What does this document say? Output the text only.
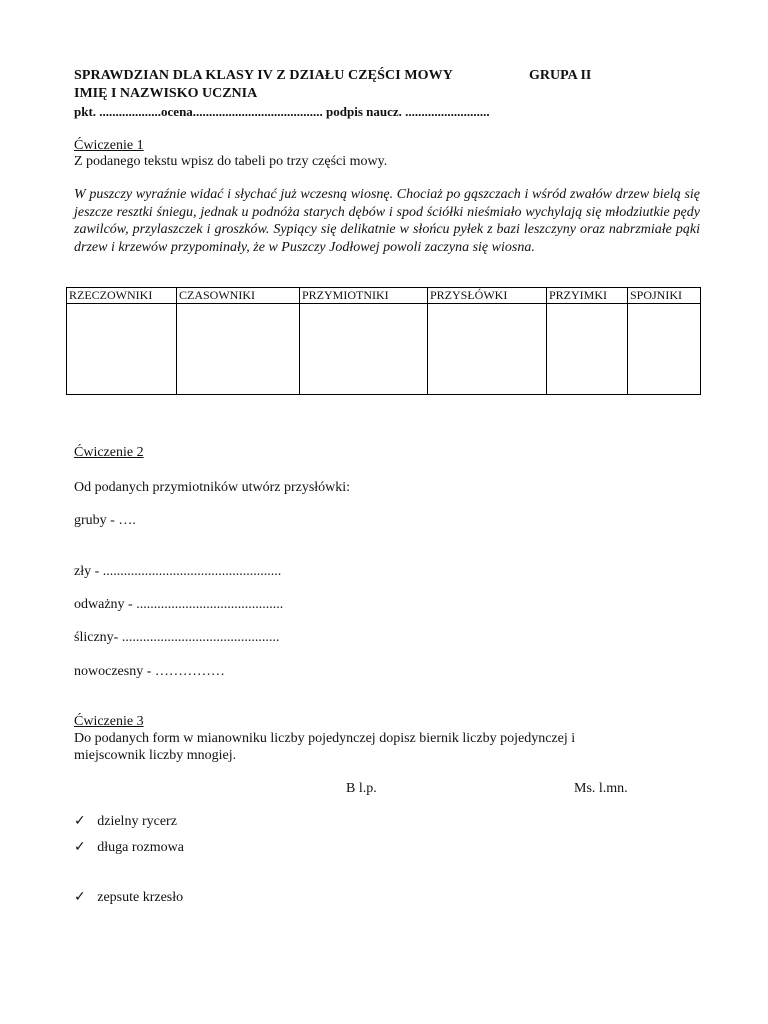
SPRAWDZIAN DLA KLASY IV Z DZIAŁU CZĘŚCI MOWY	GRUPA II
IMIĘ I NAZWISKO UCZNIA
pkt. ...................ocena........................................ podpis naucz. ..........................
Ćwiczenie 1
Z podanego tekstu wpisz do tabeli po trzy części mowy.
W puszczy wyraźnie widać i słychać już wczesną wiosnę. Chociaż po gąszczach i wśród zwałów drzew bielą się jeszcze resztki śniegu, jednak u podnóża starych dębów i spod ściółki nieśmiało wychylają się młodziutkie pędy zawilców, przylaszczek i groszków. Sypiący się delikatnie w słońcu pyłek z bazi leszczyny oraz nabrzmiałe pąki drzew i krzewów przypominały, że w Puszczy Jodłowej powoli zaczyna się wiosna.
RZECZOWNIKI	CZASOWNIKI	PRZYMIOTNIKI	PRZYSŁÓWKI	PRZYIMKI	SPOJNIKI

Ćwiczenie 2
Od podanych przymiotników utwórz przysłówki:
gruby - ….
zły - ...................................................
odważny - ..........................................
śliczny- .............................................
nowoczesny - ……………
Ćwiczenie 3
Do podanych form w mianowniku liczby pojedynczej dopisz biernik liczby pojedynczej i
miejscownik liczby mnogiej.
B l.p.	Ms. l.mn.
✓ dzielny rycerz
✓ długa rozmowa
✓ zepsute krzesło
